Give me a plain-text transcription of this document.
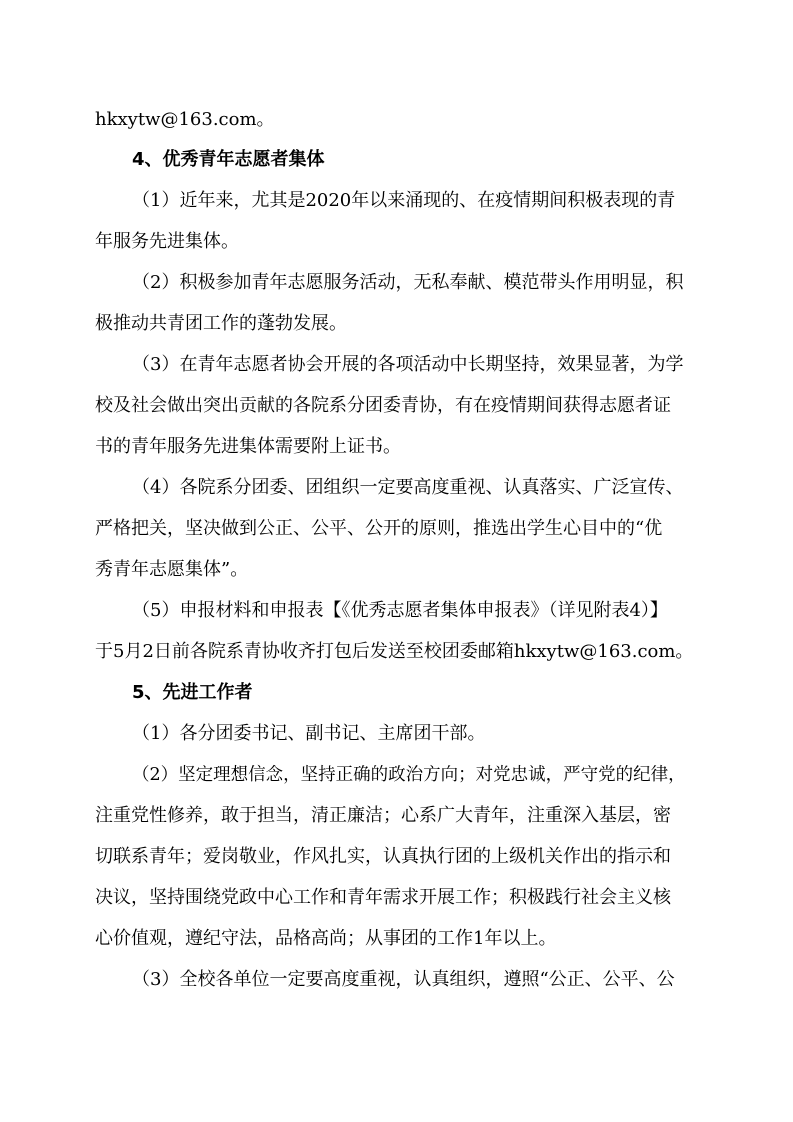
hkxytw@163.com。

4、优秀青年志愿者集体

（1）近年来，尤其是2020年以来涌现的、在疫情期间积极表现的青

年服务先进集体。

（2）积极参加青年志愿服务活动，无私奉献、模范带头作用明显，积

极推动共青团工作的蓬勃发展。

（3）在青年志愿者协会开展的各项活动中长期坚持，效果显著，为学

校及社会做出突出贡献的各院系分团委青协，有在疫情期间获得志愿者证

书的青年服务先进集体需要附上证书。

（4）各院系分团委、团组织一定要高度重视、认真落实、广泛宣传、

严格把关，坚决做到公正、公平、公开的原则，推选出学生心目中的“优

秀青年志愿集体”。

（5）申报材料和申报表【《优秀志愿者集体申报表》（详见附表4）】

于5月2日前各院系青协收齐打包后发送至校团委邮箱hkxytw@163.com。

5、先进工作者

（1）各分团委书记、副书记、主席团干部。

（2）坚定理想信念，坚持正确的政治方向；对党忠诚，严守党的纪律，

注重党性修养，敢于担当，清正廉洁；心系广大青年，注重深入基层，密

切联系青年；爱岗敬业，作风扎实，认真执行团的上级机关作出的指示和

决议，坚持围绕党政中心工作和青年需求开展工作；积极践行社会主义核

心价值观，遵纪守法，品格高尚；从事团的工作1年以上。

（3）全校各单位一定要高度重视，认真组织，遵照“公正、公平、公
